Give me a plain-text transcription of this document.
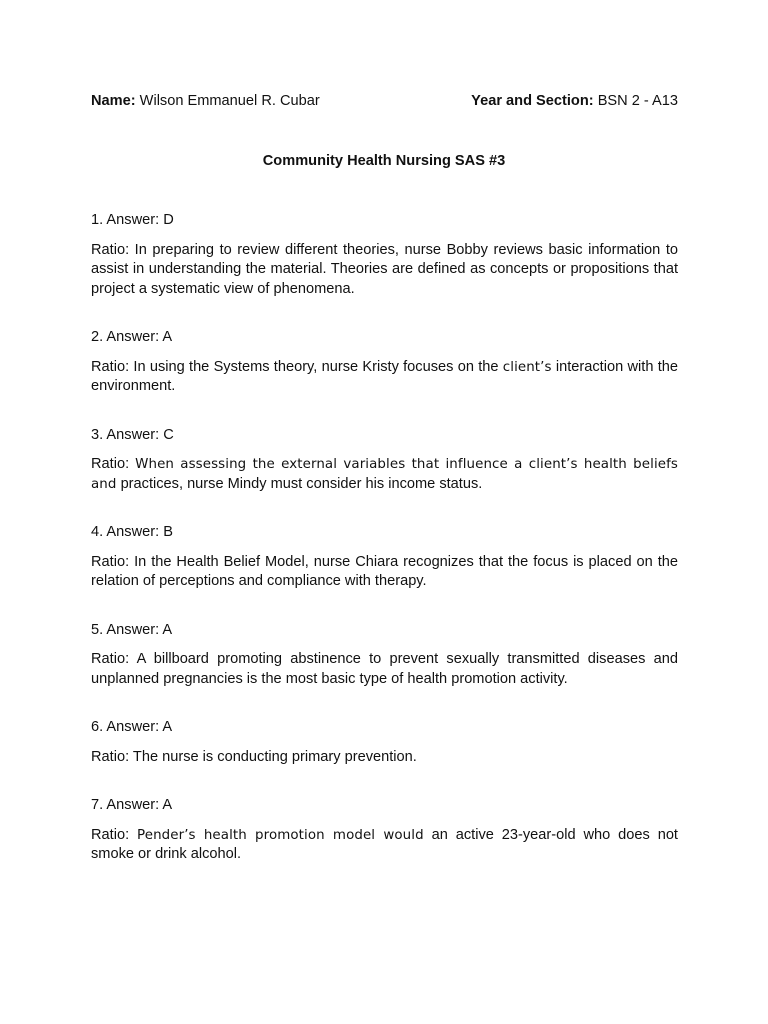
Name: Wilson Emmanuel R. Cubar	Year and Section: BSN 2 - A13
Community Health Nursing SAS #3

1. Answer: D

Ratio: In preparing to review different theories, nurse Bobby reviews basic information to assist in understanding the material. Theories are defined as concepts or propositions that project a systematic view of phenomena.

2. Answer: A

Ratio: In using the Systems theory, nurse Kristy focuses on the client’s interaction with the environment.

3. Answer: C

Ratio: When assessing the external variables that influence a client’s health beliefs and practices, nurse Mindy must consider his income status.

4. Answer: B

Ratio: In the Health Belief Model, nurse Chiara recognizes that the focus is placed on the relation of perceptions and compliance with therapy.

5. Answer: A

Ratio: A billboard promoting abstinence to prevent sexually transmitted diseases and unplanned pregnancies is the most basic type of health promotion activity.

6. Answer: A

Ratio: The nurse is conducting primary prevention.

7. Answer: A

Ratio: Pender’s health promotion model would an active 23-year-old who does not smoke or drink alcohol.
